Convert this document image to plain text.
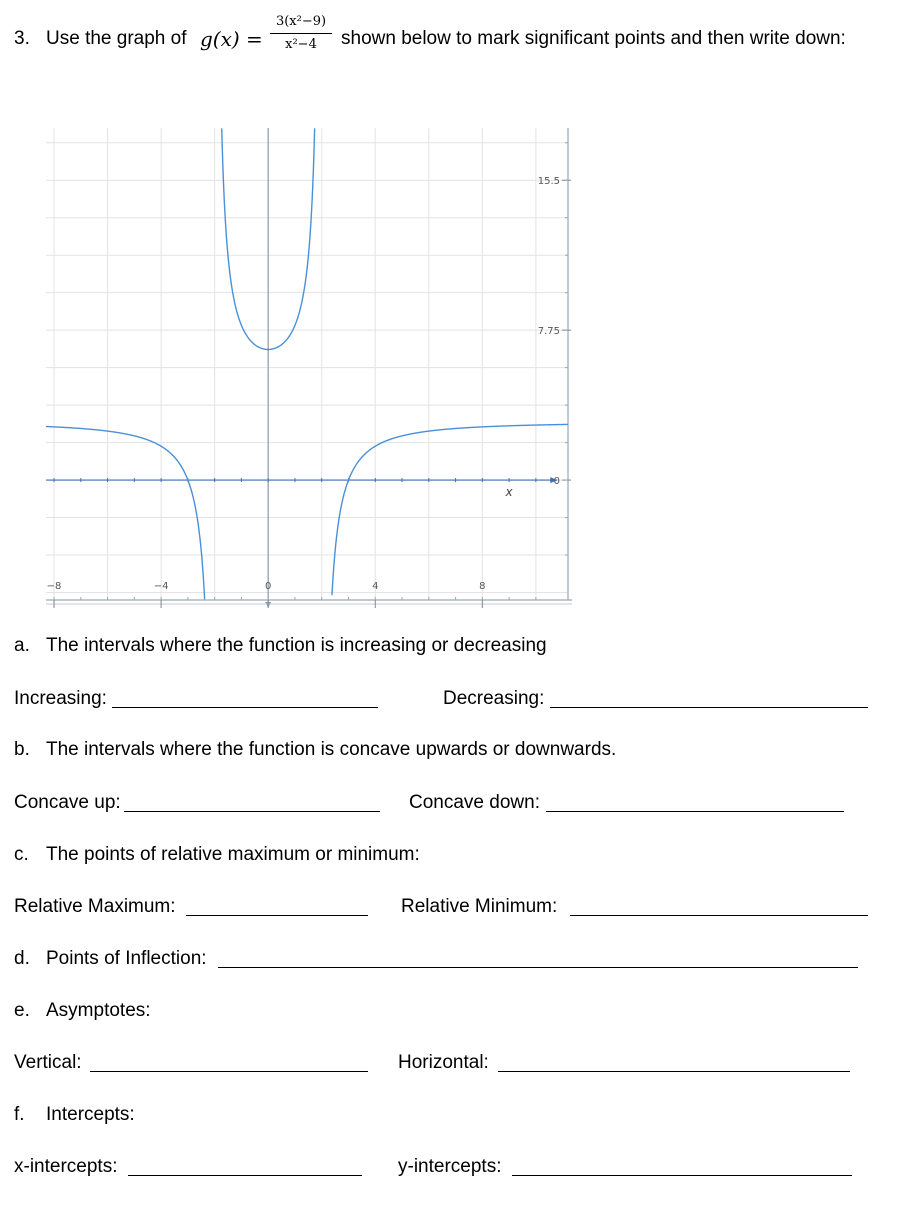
3. Use the graph of g(x) =
3(x²−9)
x²−4	shown below to mark significant points and then write down:
−8	−4	0	4	8
0
7.75
15.5
x
a. The intervals where the function is increasing or decreasing
Increasing:	Decreasing:
b. The intervals where the function is concave upwards or downwards.
Concave up:	Concave down:
c. The points of relative maximum or minimum:
Relative Maximum:	Relative Minimum:
d. Points of Inflection:
e. Asymptotes:
Vertical:	Horizontal:
f. Intercepts:
x-intercepts:	y-intercepts:
